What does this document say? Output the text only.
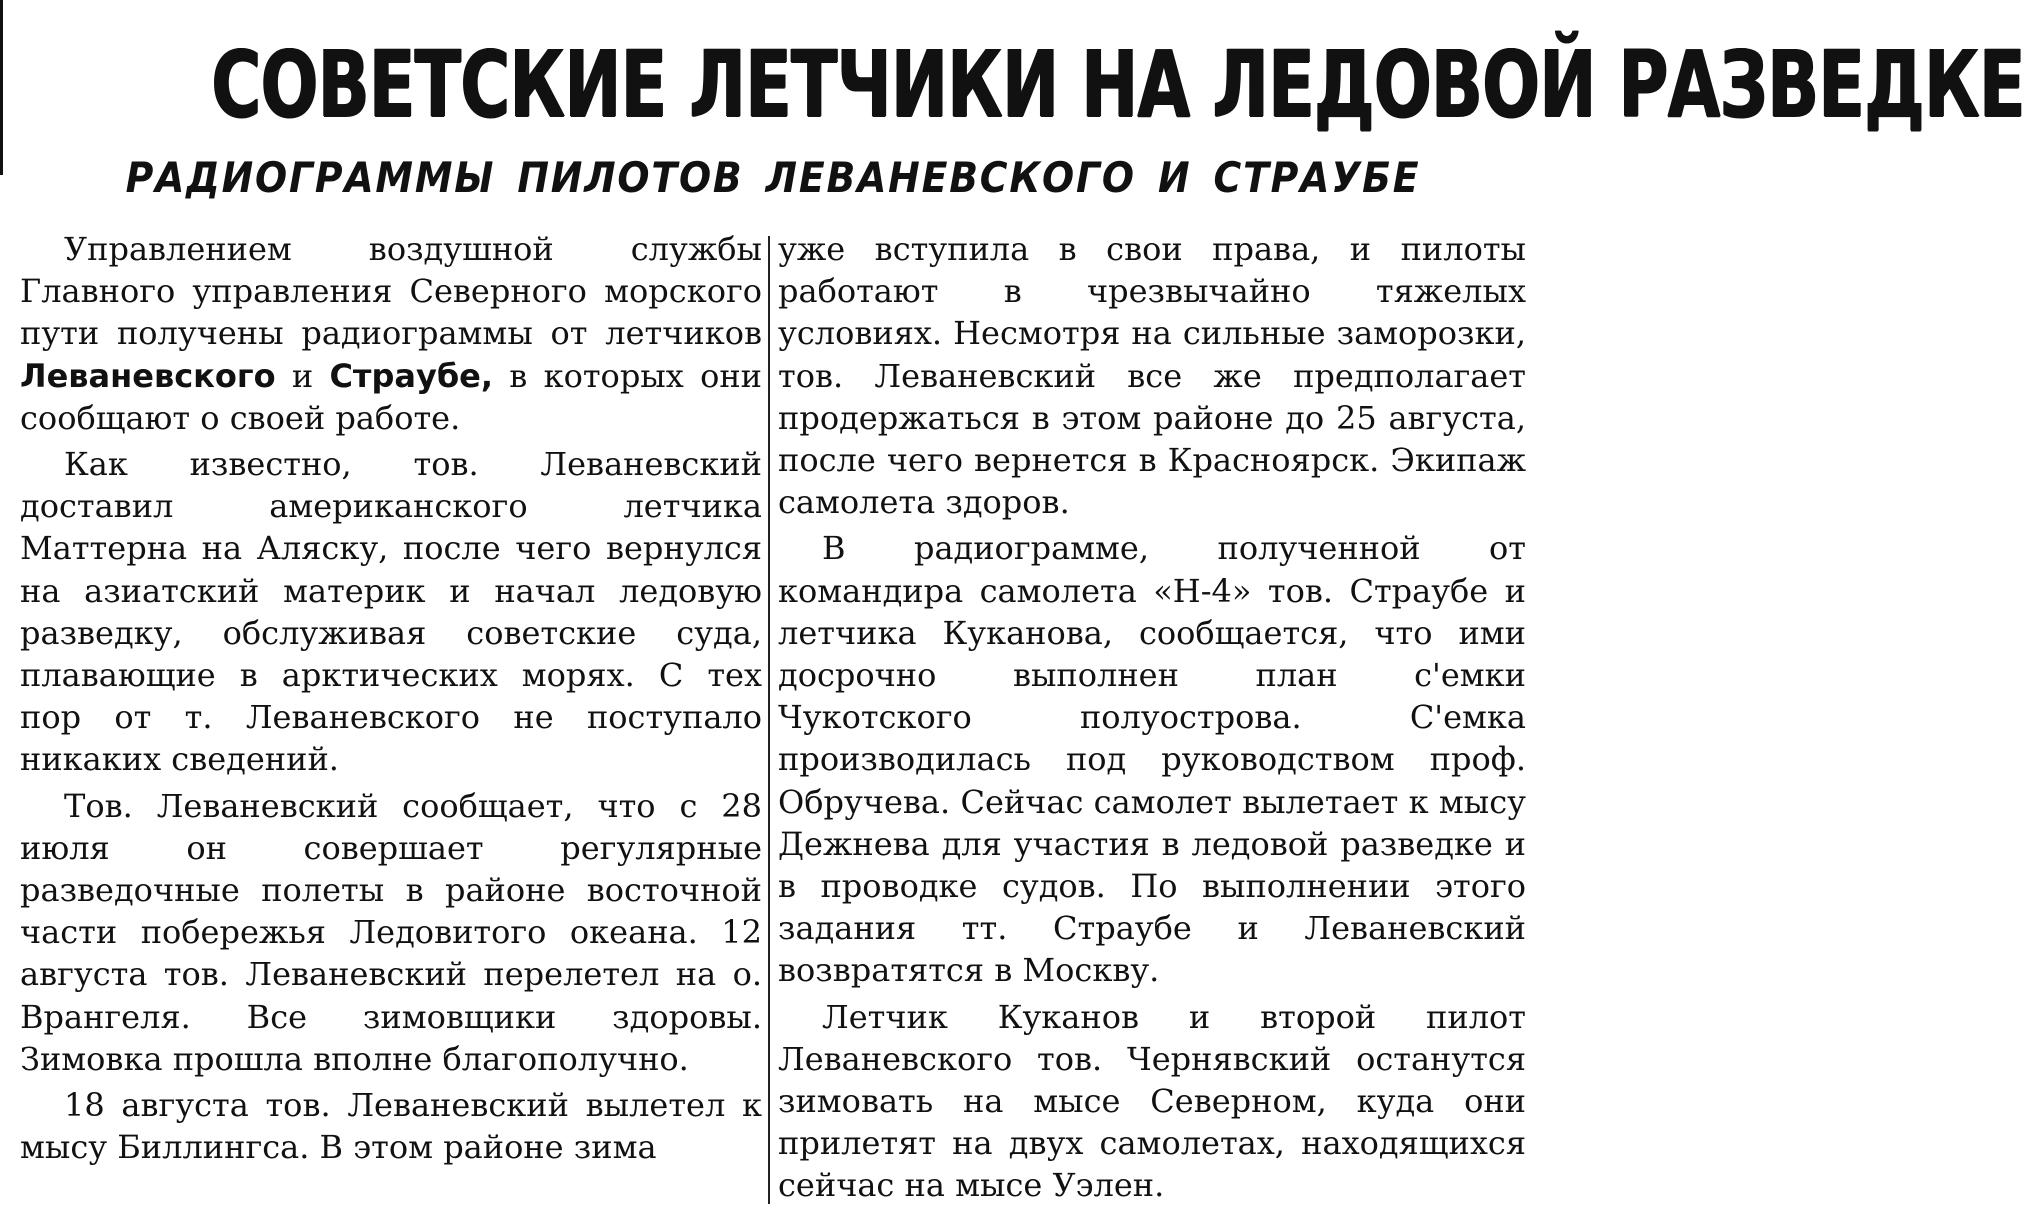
СОВЕТСКИЕ ЛЕТЧИКИ НА ЛЕДОВОЙ РАЗВЕДКЕ
РАДИОГРАММЫ ПИЛОТОВ ЛЕВАНЕВСКОГО И СТРАУБЕ

Управлением воздушной службы Главного управления Северного морского пути получены радиограммы от летчиков Леваневского и Страубе, в которых они сообщают о своей работе.

Как известно, тов. Леваневский доставил американского летчика Маттерна на Аляску, после чего вернулся на азиатский материк и начал ледовую разведку, обслуживая советские суда, плавающие в арктических морях. С тех пор от т. Леваневского не поступало никаких сведений.

Тов. Леваневский сообщает, что с 28 июля он совершает регулярные разведочные полеты в районе восточной части побережья Ледовитого океана. 12 августа тов. Леваневский перелетел на о. Врангеля. Все зимовщики здоровы. Зимовка прошла вполне благополучно.

18 августа тов. Леваневский вылетел к мысу Биллингса. В этом районе зима

уже вступила в свои права, и пилоты работают в чрезвычайно тяжелых условиях. Несмотря на сильные заморозки, тов. Леваневский все же предполагает продержаться в этом районе до 25 августа, после чего вернется в Красноярск. Экипаж самолета здоров.

В радиограмме, полученной от командира самолета «Н-4» тов. Страубе и летчика Куканова, сообщается, что ими досрочно выполнен план с'емки Чукотского полуострова. С'емка производилась под руководством проф. Обручева. Сейчас самолет вылетает к мысу Дежнева для участия в ледовой разведке и в проводке судов. По выполнении этого задания тт. Страубе и Леваневский возвратятся в Москву.

Летчик Куканов и второй пилот Леваневского тов. Чернявский останутся зимовать на мысе Северном, куда они прилетят на двух самолетах, находящихся сейчас на мысе Уэлен.
